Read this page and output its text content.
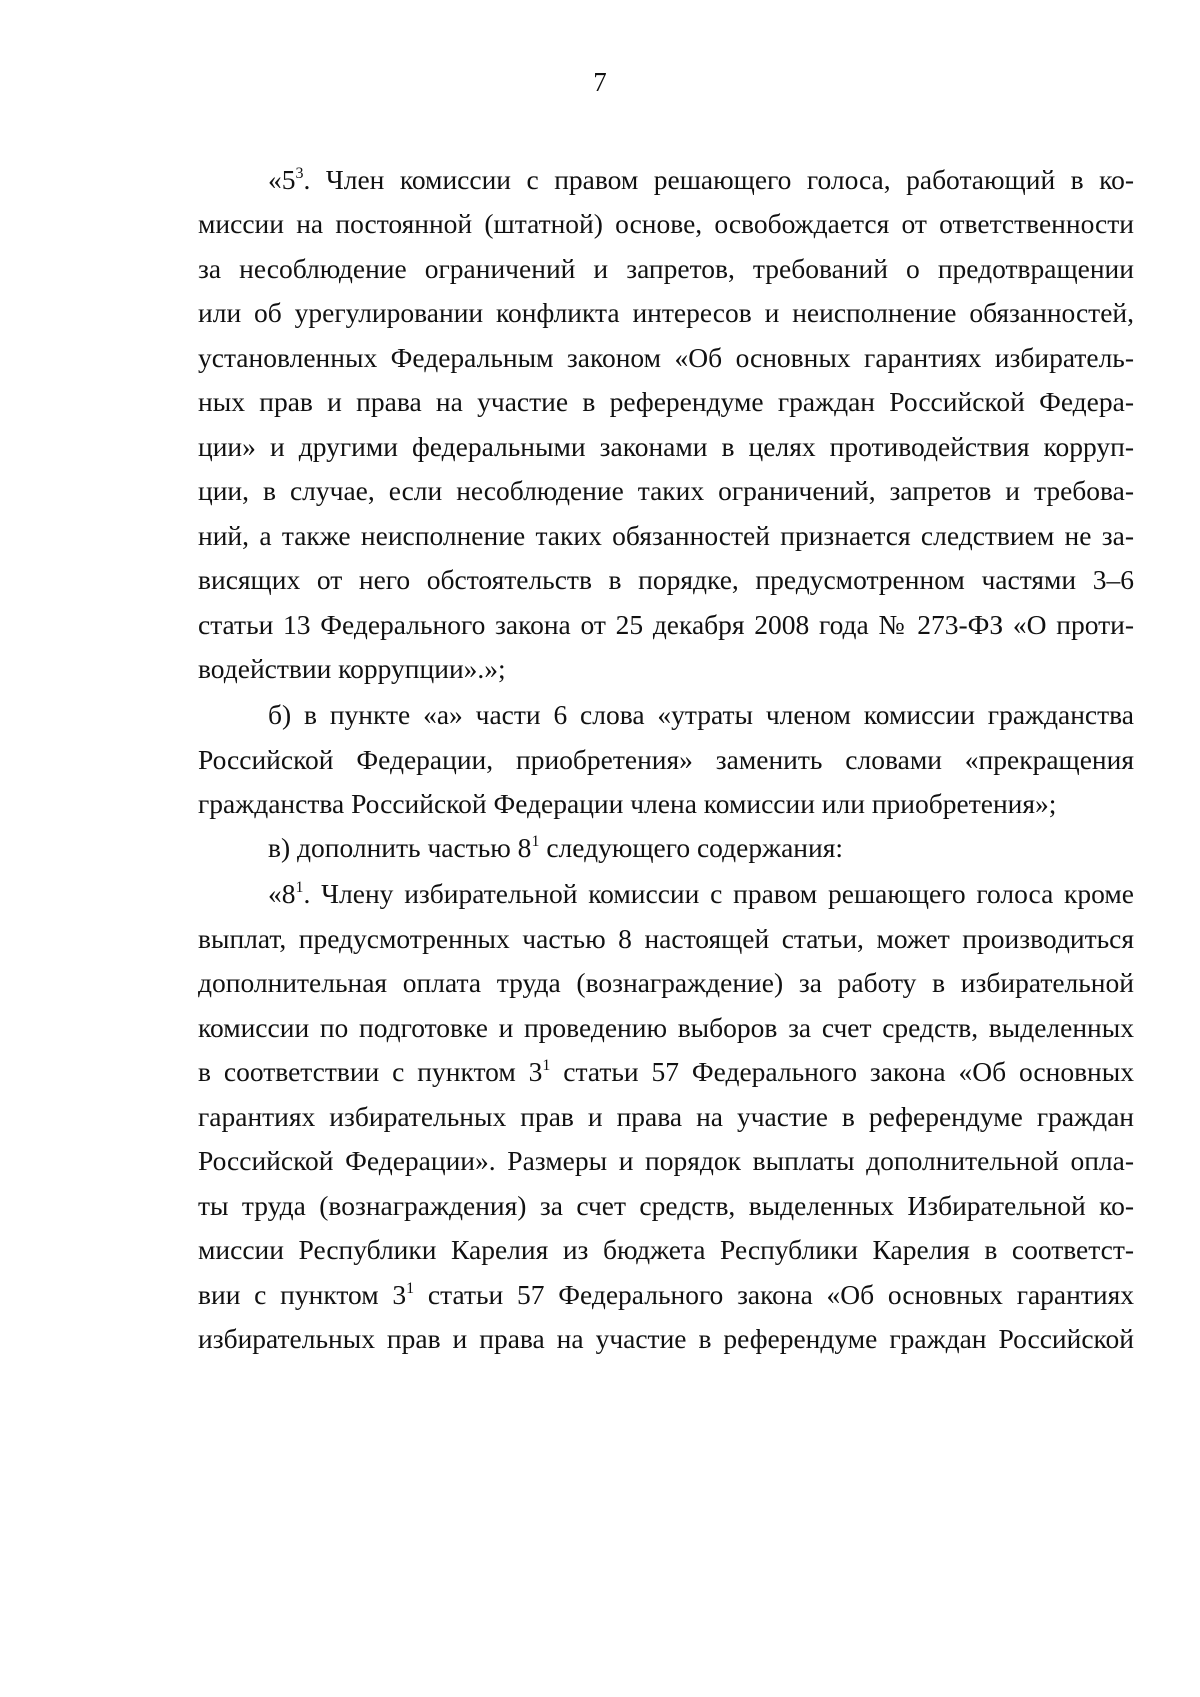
7
«$5^3$. Член комиссии с правом решающего голоса, работающий в ко-
миссии на постоянной (штатной) основе, освобождается от ответственности
за несоблюдение ограничений и запретов, требований о предотвращении
или об урегулировании конфликта интересов и неисполнение обязанностей,
установленных Федеральным законом «Об основных гарантиях избиратель-
ных прав и права на участие в референдуме граждан Российской Федера-
ции» и другими федеральными законами в целях противодействия корруп-
ции, в случае, если несоблюдение таких ограничений, запретов и требова-
ний, а также неисполнение таких обязанностей признается следствием не за-
висящих от него обстоятельств в порядке, предусмотренном частями 3–6
статьи 13 Федерального закона от 25 декабря 2008 года № 273-ФЗ «О проти-
водействии коррупции».»;
б) в пункте «а» части 6 слова «утраты членом комиссии гражданства
Российской Федерации, приобретения» заменить словами «прекращения
гражданства Российской Федерации члена комиссии или приобретения»;
в) дополнить частью $8^1$ следующего содержания:
«$8^1$. Члену избирательной комиссии с правом решающего голоса кроме
выплат, предусмотренных частью 8 настоящей статьи, может производиться
дополнительная оплата труда (вознаграждение) за работу в избирательной
комиссии по подготовке и проведению выборов за счет средств, выделенных
в соответствии с пунктом $3^1$ статьи 57 Федерального закона «Об основных
гарантиях избирательных прав и права на участие в референдуме граждан
Российской Федерации». Размеры и порядок выплаты дополнительной опла-
ты труда (вознаграждения) за счет средств, выделенных Избирательной ко-
миссии Республики Карелия из бюджета Республики Карелия в соответст-
вии с пунктом $3^1$ статьи 57 Федерального закона «Об основных гарантиях
избирательных прав и права на участие в референдуме граждан Российской
